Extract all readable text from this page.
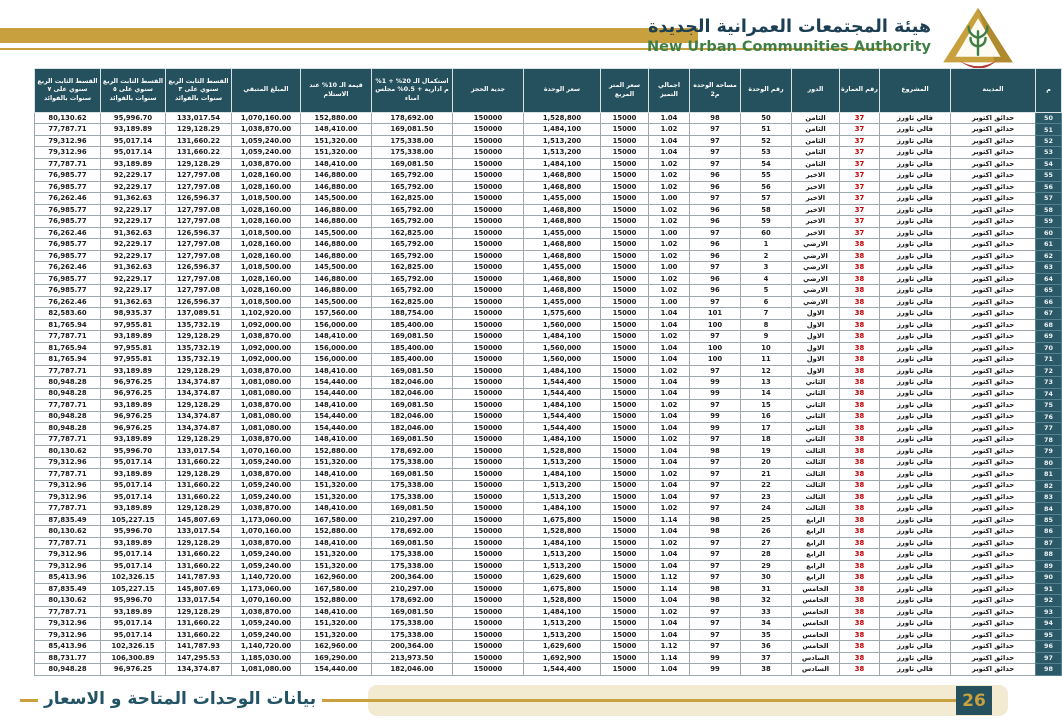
هيئة المجتمعات العمرانية الجديدة
New Urban Communities Authority
م	المدينة	المشروع	رقم العمارة	الدور	رقم الوحدة	مساحة الوحده م2	اجمالي التميز	سعر المتر المربع	سعر الوحدة	جدية الحجز	استكمال الـ 20% + 1% م ادارية + 0.5% مجلس امناء	قيمة الـ 10% عند الاستلام	المبلغ المتبقي	القسط الثابت الربع سنوي على ٣ سنوات بالفوائد	القسط الثابت الربع سنوي على ٥ سنوات بالفوائد	القسط الثابت الربع سنوي على ٧ سنوات بالفوائد
50	حدائق اكتوبر	فالي تاورز	37	الثامن	50	98	1.04	15000	1,528,800	150000	178,692.00	152,880.00	1,070,160.00	133,017.54	95,996.70	80,130.62
51	حدائق اكتوبر	فالي تاورز	37	الثامن	51	97	1.02	15000	1,484,100	150000	169,081.50	148,410.00	1,038,870.00	129,128.29	93,189.89	77,787.71
52	حدائق اكتوبر	فالي تاورز	37	الثامن	52	97	1.04	15000	1,513,200	150000	175,338.00	151,320.00	1,059,240.00	131,660.22	95,017.14	79,312.96
53	حدائق اكتوبر	فالي تاورز	37	الثامن	53	97	1.04	15000	1,513,200	150000	175,338.00	151,320.00	1,059,240.00	131,660.22	95,017.14	79,312.96
54	حدائق اكتوبر	فالي تاورز	37	الثامن	54	97	1.02	15000	1,484,100	150000	169,081.50	148,410.00	1,038,870.00	129,128.29	93,189.89	77,787.71
55	حدائق اكتوبر	فالي تاورز	37	الاخير	55	96	1.02	15000	1,468,800	150000	165,792.00	146,880.00	1,028,160.00	127,797.08	92,229.17	76,985.77
56	حدائق اكتوبر	فالي تاورز	37	الاخير	56	96	1.02	15000	1,468,800	150000	165,792.00	146,880.00	1,028,160.00	127,797.08	92,229.17	76,985.77
57	حدائق اكتوبر	فالي تاورز	37	الاخير	57	97	1.00	15000	1,455,000	150000	162,825.00	145,500.00	1,018,500.00	126,596.37	91,362.63	76,262.46
58	حدائق اكتوبر	فالي تاورز	37	الاخير	58	96	1.02	15000	1,468,800	150000	165,792.00	146,880.00	1,028,160.00	127,797.08	92,229.17	76,985.77
59	حدائق اكتوبر	فالي تاورز	37	الاخير	59	96	1.02	15000	1,468,800	150000	165,792.00	146,880.00	1,028,160.00	127,797.08	92,229.17	76,985.77
60	حدائق اكتوبر	فالي تاورز	37	الاخير	60	97	1.00	15000	1,455,000	150000	162,825.00	145,500.00	1,018,500.00	126,596.37	91,362.63	76,262.46
61	حدائق اكتوبر	فالي تاورز	38	الارضي	1	96	1.02	15000	1,468,800	150000	165,792.00	146,880.00	1,028,160.00	127,797.08	92,229.17	76,985.77
62	حدائق اكتوبر	فالي تاورز	38	الارضي	2	96	1.02	15000	1,468,800	150000	165,792.00	146,880.00	1,028,160.00	127,797.08	92,229.17	76,985.77
63	حدائق اكتوبر	فالي تاورز	38	الارضي	3	97	1.00	15000	1,455,000	150000	162,825.00	145,500.00	1,018,500.00	126,596.37	91,362.63	76,262.46
64	حدائق اكتوبر	فالي تاورز	38	الارضي	4	96	1.02	15000	1,468,800	150000	165,792.00	146,880.00	1,028,160.00	127,797.08	92,229.17	76,985.77
65	حدائق اكتوبر	فالي تاورز	38	الارضي	5	96	1.02	15000	1,468,800	150000	165,792.00	146,880.00	1,028,160.00	127,797.08	92,229.17	76,985.77
66	حدائق اكتوبر	فالي تاورز	38	الارضي	6	97	1.00	15000	1,455,000	150000	162,825.00	145,500.00	1,018,500.00	126,596.37	91,362.63	76,262.46
67	حدائق اكتوبر	فالي تاورز	38	الاول	7	101	1.04	15000	1,575,600	150000	188,754.00	157,560.00	1,102,920.00	137,089.51	98,935.37	82,583.60
68	حدائق اكتوبر	فالي تاورز	38	الاول	8	100	1.04	15000	1,560,000	150000	185,400.00	156,000.00	1,092,000.00	135,732.19	97,955.81	81,765.94
69	حدائق اكتوبر	فالي تاورز	38	الاول	9	97	1.02	15000	1,484,100	150000	169,081.50	148,410.00	1,038,870.00	129,128.29	93,189.89	77,787.71
70	حدائق اكتوبر	فالي تاورز	38	الاول	10	100	1.04	15000	1,560,000	150000	185,400.00	156,000.00	1,092,000.00	135,732.19	97,955.81	81,765.94
71	حدائق اكتوبر	فالي تاورز	38	الاول	11	100	1.04	15000	1,560,000	150000	185,400.00	156,000.00	1,092,000.00	135,732.19	97,955.81	81,765.94
72	حدائق اكتوبر	فالي تاورز	38	الاول	12	97	1.02	15000	1,484,100	150000	169,081.50	148,410.00	1,038,870.00	129,128.29	93,189.89	77,787.71
73	حدائق اكتوبر	فالي تاورز	38	الثاني	13	99	1.04	15000	1,544,400	150000	182,046.00	154,440.00	1,081,080.00	134,374.87	96,976.25	80,948.28
74	حدائق اكتوبر	فالي تاورز	38	الثاني	14	99	1.04	15000	1,544,400	150000	182,046.00	154,440.00	1,081,080.00	134,374.87	96,976.25	80,948.28
75	حدائق اكتوبر	فالي تاورز	38	الثاني	15	97	1.02	15000	1,484,100	150000	169,081.50	148,410.00	1,038,870.00	129,128.29	93,189.89	77,787.71
76	حدائق اكتوبر	فالي تاورز	38	الثاني	16	99	1.04	15000	1,544,400	150000	182,046.00	154,440.00	1,081,080.00	134,374.87	96,976.25	80,948.28
77	حدائق اكتوبر	فالي تاورز	38	الثاني	17	99	1.04	15000	1,544,400	150000	182,046.00	154,440.00	1,081,080.00	134,374.87	96,976.25	80,948.28
78	حدائق اكتوبر	فالي تاورز	38	الثاني	18	97	1.02	15000	1,484,100	150000	169,081.50	148,410.00	1,038,870.00	129,128.29	93,189.89	77,787.71
79	حدائق اكتوبر	فالي تاورز	38	الثالث	19	98	1.04	15000	1,528,800	150000	178,692.00	152,880.00	1,070,160.00	133,017.54	95,996.70	80,130.62
80	حدائق اكتوبر	فالي تاورز	38	الثالث	20	97	1.04	15000	1,513,200	150000	175,338.00	151,320.00	1,059,240.00	131,660.22	95,017.14	79,312.96
81	حدائق اكتوبر	فالي تاورز	38	الثالث	21	97	1.02	15000	1,484,100	150000	169,081.50	148,410.00	1,038,870.00	129,128.29	93,189.89	77,787.71
82	حدائق اكتوبر	فالي تاورز	38	الثالث	22	97	1.04	15000	1,513,200	150000	175,338.00	151,320.00	1,059,240.00	131,660.22	95,017.14	79,312.96
83	حدائق اكتوبر	فالي تاورز	38	الثالث	23	97	1.04	15000	1,513,200	150000	175,338.00	151,320.00	1,059,240.00	131,660.22	95,017.14	79,312.96
84	حدائق اكتوبر	فالي تاورز	38	الثالث	24	97	1.02	15000	1,484,100	150000	169,081.50	148,410.00	1,038,870.00	129,128.29	93,189.89	77,787.71
85	حدائق اكتوبر	فالي تاورز	38	الرابع	25	98	1.14	15000	1,675,800	150000	210,297.00	167,580.00	1,173,060.00	145,807.69	105,227.15	87,835.49
86	حدائق اكتوبر	فالي تاورز	38	الرابع	26	98	1.04	15000	1,528,800	150000	178,692.00	152,880.00	1,070,160.00	133,017.54	95,996.70	80,130.62
87	حدائق اكتوبر	فالي تاورز	38	الرابع	27	97	1.02	15000	1,484,100	150000	169,081.50	148,410.00	1,038,870.00	129,128.29	93,189.89	77,787.71
88	حدائق اكتوبر	فالي تاورز	38	الرابع	28	97	1.04	15000	1,513,200	150000	175,338.00	151,320.00	1,059,240.00	131,660.22	95,017.14	79,312.96
89	حدائق اكتوبر	فالي تاورز	38	الرابع	29	97	1.04	15000	1,513,200	150000	175,338.00	151,320.00	1,059,240.00	131,660.22	95,017.14	79,312.96
90	حدائق اكتوبر	فالي تاورز	38	الرابع	30	97	1.12	15000	1,629,600	150000	200,364.00	162,960.00	1,140,720.00	141,787.93	102,326.15	85,413.96
91	حدائق اكتوبر	فالي تاورز	38	الخامس	31	98	1.14	15000	1,675,800	150000	210,297.00	167,580.00	1,173,060.00	145,807.69	105,227.15	87,835.49
92	حدائق اكتوبر	فالي تاورز	38	الخامس	32	98	1.04	15000	1,528,800	150000	178,692.00	152,880.00	1,070,160.00	133,017.54	95,996.70	80,130.62
93	حدائق اكتوبر	فالي تاورز	38	الخامس	33	97	1.02	15000	1,484,100	150000	169,081.50	148,410.00	1,038,870.00	129,128.29	93,189.89	77,787.71
94	حدائق اكتوبر	فالي تاورز	38	الخامس	34	97	1.04	15000	1,513,200	150000	175,338.00	151,320.00	1,059,240.00	131,660.22	95,017.14	79,312.96
95	حدائق اكتوبر	فالي تاورز	38	الخامس	35	97	1.04	15000	1,513,200	150000	175,338.00	151,320.00	1,059,240.00	131,660.22	95,017.14	79,312.96
96	حدائق اكتوبر	فالي تاورز	38	الخامس	36	97	1.12	15000	1,629,600	150000	200,364.00	162,960.00	1,140,720.00	141,787.93	102,326.15	85,413.96
97	حدائق اكتوبر	فالي تاورز	38	السادس	37	99	1.14	15000	1,692,900	150000	213,973.50	169,290.00	1,185,030.00	147,295.53	106,300.89	88,731.77
98	حدائق اكتوبر	فالي تاورز	38	السادس	38	99	1.04	15000	1,544,400	150000	182,046.00	154,440.00	1,081,080.00	134,374.87	96,976.25	80,948.28
بيانات الوحدات المتاحة و الاسعار	26
